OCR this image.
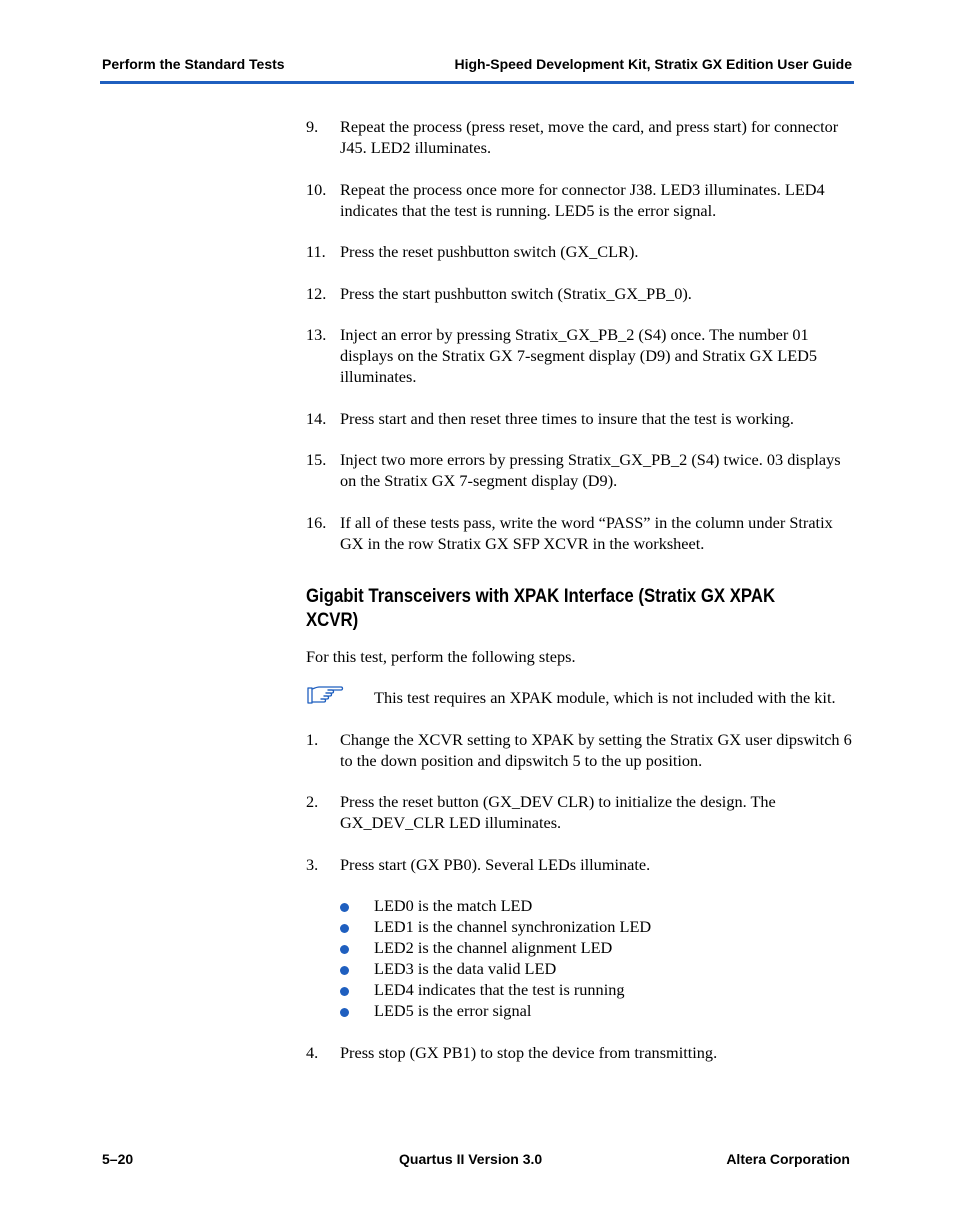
Perform the Standard Tests	High-Speed Development Kit, Stratix GX Edition User Guide
9. Repeat the process (press reset, move the card, and press start) for connector J45. LED2 illuminates.
10. Repeat the process once more for connector J38. LED3 illuminates. LED4 indicates that the test is running. LED5 is the error signal.
11. Press the reset pushbutton switch (GX_CLR).
12. Press the start pushbutton switch (Stratix_GX_PB_0).
13. Inject an error by pressing Stratix_GX_PB_2 (S4) once. The number 01 displays on the Stratix GX 7-segment display (D9) and Stratix GX LED5 illuminates.
14. Press start and then reset three times to insure that the test is working.
15. Inject two more errors by pressing Stratix_GX_PB_2 (S4) twice. 03 displays on the Stratix GX 7-segment display (D9).
16. If all of these tests pass, write the word “PASS” in the column under Stratix GX in the row Stratix GX SFP XCVR in the worksheet.
Gigabit Transceivers with XPAK Interface (Stratix GX XPAK XCVR)
For this test, perform the following steps.
This test requires an XPAK module, which is not included with the kit.
1. Change the XCVR setting to XPAK by setting the Stratix GX user dipswitch 6 to the down position and dipswitch 5 to the up position.
2. Press the reset button (GX_DEV CLR) to initialize the design. The GX_DEV_CLR LED illuminates.
3. Press start (GX PB0). Several LEDs illuminate.
LED0 is the match LED
LED1 is the channel synchronization LED
LED2 is the channel alignment LED
LED3 is the data valid LED
LED4 indicates that the test is running
LED5 is the error signal
4. Press stop (GX PB1) to stop the device from transmitting.
5–20	Quartus II Version 3.0	Altera Corporation
